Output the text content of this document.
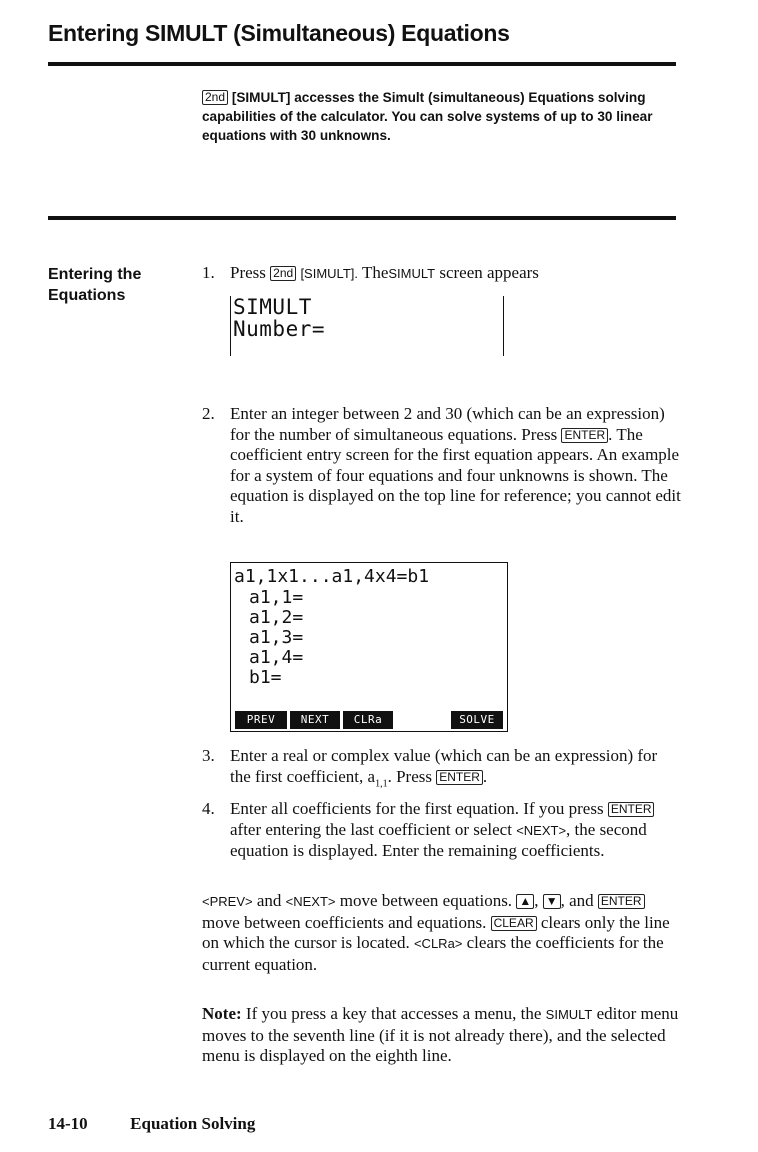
Entering SIMULT (Simultaneous) Equations
2nd [SIMULT] accesses the Simult (simultaneous) Equations solving capabilities of the calculator. You can solve systems of up to 30 linear equations with 30 unknowns.
Entering the
Equations
1. Press 2nd [SIMULT]. TheSIMULT screen appears
SIMULT
Number=
2. Enter an integer between 2 and 30 (which can be an expression) for the number of simultaneous equations. Press ENTER . The coefficient entry screen for the first equation appears. An example for a system of four equations and four unknowns is shown. The equation is displayed on the top line for reference; you cannot edit it.
a1,1x1...a1,4x4=b1
a1,1=
a1,2=
a1,3=
a1,4=
b1=
PREV	NEXT	CLRa	SOLVE
3. Enter a real or complex value (which can be an expression) for the first coefficient, $a_{1,1}$. Press ENTER .
4. Enter all coefficients for the first equation. If you press ENTER after entering the last coefficient or select <NEXT>, the second equation is displayed. Enter the remaining coefficients.
<PREV> and <NEXT> move between equations. ▲ , ▼ , and ENTER move between coefficients and equations. CLEAR clears only the line on which the cursor is located. <CLRa> clears the coefficients for the current equation.
Note: If you press a key that accesses a menu, the SIMULT editor menu moves to the seventh line (if it is not already there), and the selected menu is displayed on the eighth line.
14-10	Equation Solving
